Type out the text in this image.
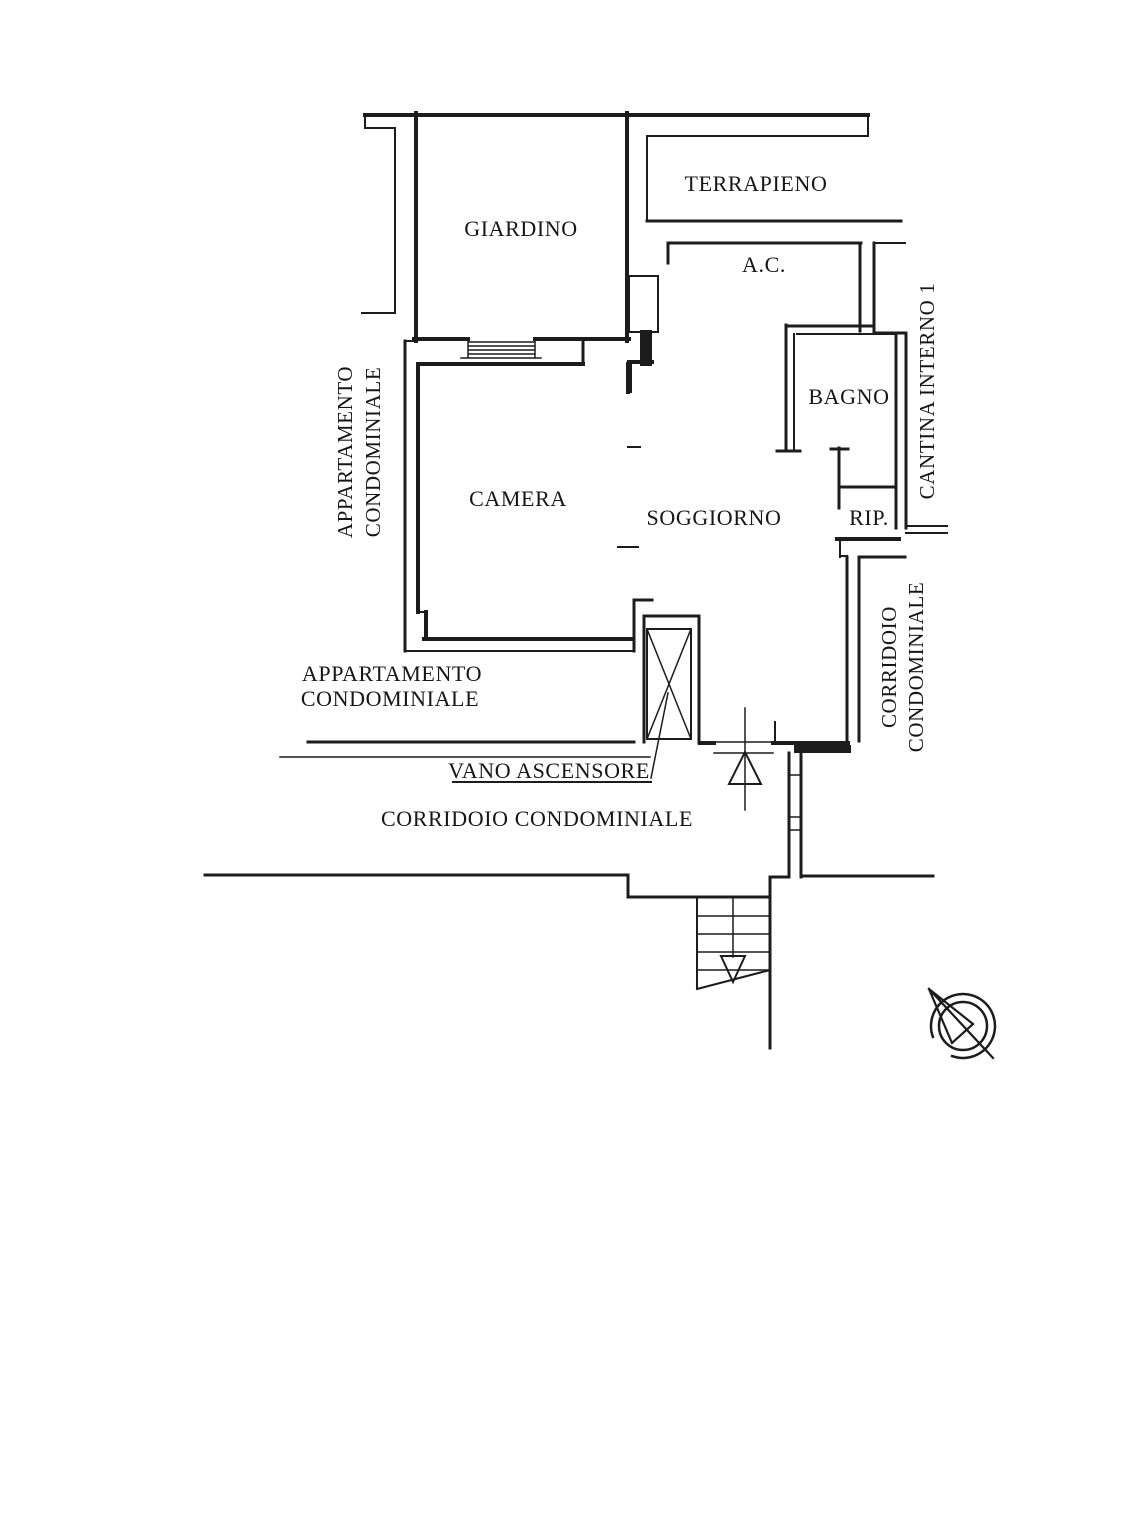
GIARDINO
TERRAPIENO
A.C.
BAGNO
CAMERA
SOGGIORNO	RIP.
CANTINA INTERNO 1
APPARTAMENTO CONDOMINIALE
CORRIDOIO CONDOMINIALE
APPARTAMENTO
CONDOMINIALE
VANO ASCENSORE
CORRIDOIO CONDOMINIALE
